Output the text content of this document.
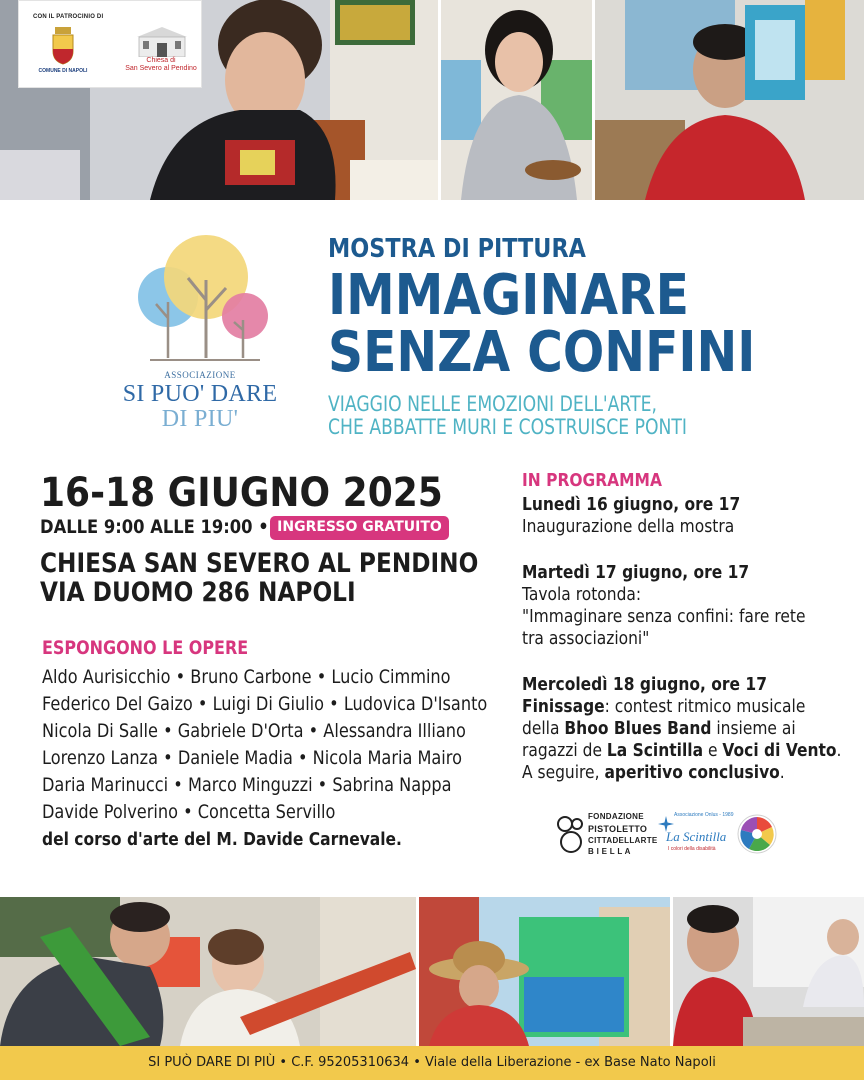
CON IL PATROCINIO DI
COMUNE DI NAPOLI
Chiesa di
San Severo al Pendino
ASSOCIAZIONE
SI PUO' DARE
DI PIU'
MOSTRA DI PITTURA
IMMAGINARE
SENZA CONFINI
VIAGGIO NELLE EMOZIONI DELL'ARTE,
CHE ABBATTE MURI E COSTRUISCE PONTI
16-18 GIUGNO 2025
DALLE 9:00 ALLE 19:00 • INGRESSO GRATUITO
CHIESA SAN SEVERO AL PENDINO
VIA DUOMO 286 NAPOLI
ESPONGONO LE OPERE
Aldo Aurisicchio • Bruno Carbone • Lucio Cimmino
Federico Del Gaizo • Luigi Di Giulio • Ludovica D'Isanto
Nicola Di Salle • Gabriele D'Orta • Alessandra Illiano
Lorenzo Lanza • Daniele Madia • Nicola Maria Mairo
Daria Marinucci • Marco Minguzzi • Sabrina Nappa
Davide Polverino • Concetta Servillo
del corso d'arte del M. Davide Carnevale.
IN PROGRAMMA
Lunedì 16 giugno, ore 17
Inaugurazione della mostra
Martedì 17 giugno, ore 17
Tavola rotonda:
"Immaginare senza confini: fare rete
tra associazioni"
Mercoledì 18 giugno, ore 17
Finissage: contest ritmico musicale
della Bhoo Blues Band insieme ai
ragazzi de La Scintilla e Voci di Vento.
A seguire, aperitivo conclusivo.
FONDAZIONE
PISTOLETTO
CITTADELLARTE
B I E L L A
Associazione Onlus - 1989
La Scintilla
I colori della disabilità
SI PUÒ DARE DI PIÙ • C.F. 95205310634 • Viale della Liberazione - ex Base Nato Napoli
